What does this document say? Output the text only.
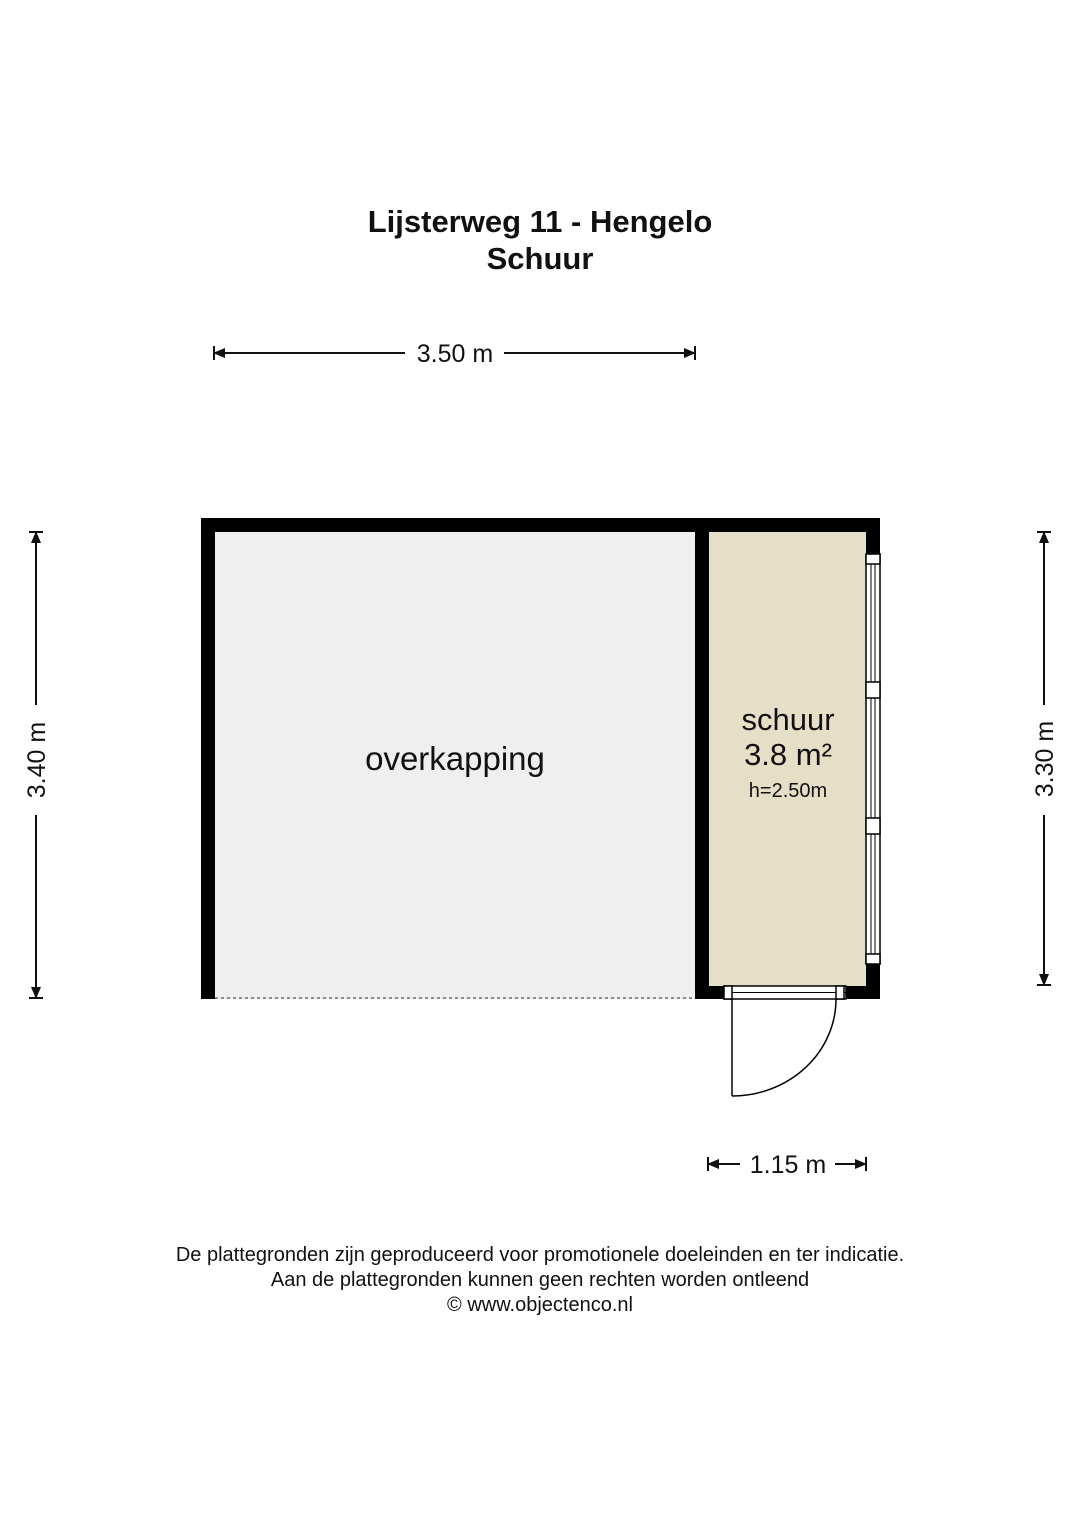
Lijsterweg 11 - Hengelo
Schuur
3.50 m
3.40 m	3.30 m
1.15 m
overkapping
schuur
3.8 m²
h=2.50m
De plattegronden zijn geproduceerd voor promotionele doeleinden en ter indicatie.
Aan de plattegronden kunnen geen rechten worden ontleend
© www.objectenco.nl
